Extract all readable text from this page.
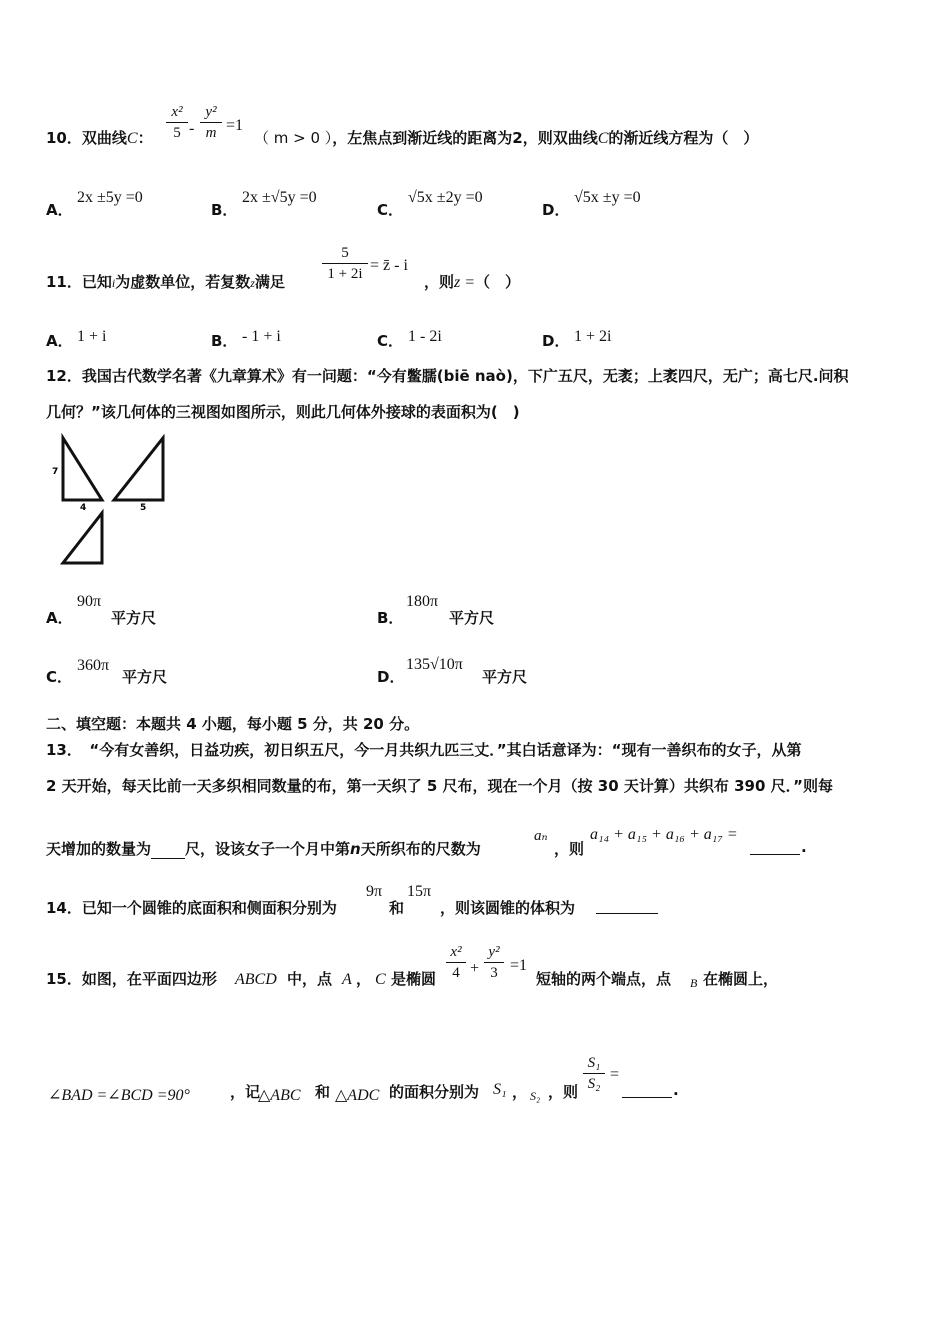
10．双曲线C：
x²
5 -
y²
m =1
（ m > 0 ），左焦点到渐近线的距离为2，则双曲线C的渐近线方程为（　）
A．
2x ±5y =0
B．
2x ±√5y =0
C．
√5x ±2y =0
D．
√5x ±y =0
11．已知i为虚数单位，若复数z满足
5
1 + 2i = z̄ - i
，则z =（　）
A． 1 + i	B． - 1 + i	C． 1 - 2i	D． 1 + 2i
12．我国古代数学名著《九章算术》有一问题：“今有鳖臑(biē naò)，下广五尺，无袤；上袤四尺，无广；高七尺.问积
几何？”该几何体的三视图如图所示，则此几何体外接球的表面积为(　)
7
4	5
A．
90π
平方尺	B．
180π
平方尺
C．
360π
平方尺	D．
135√10π
平方尺
二、填空题：本题共 4 小题，每小题 5 分，共 20 分。
13．　“今有女善织，日益功疾，初日织五尺，今一月共织九匹三丈．”其白话意译为：“现有一善织布的女子，从第
2 天开始，每天比前一天多织相同数量的布，第一天织了 5 尺布，现在一个月（按 30 天计算）共织布 390 尺．”则每
天增加的数量为 尺，设该女子一个月中第n天所织布的尺数为
aₙ
，则
a₁₄ + a₁₅ + a₁₆ + a₁₇ =
.
14．已知一个圆锥的底面积和侧面积分别为
9π
和
15π
，则该圆锥的体积为
15．如图，在平面四边形 ABCD 中，点 A ， C 是椭圆
x²
4 +
y²
3 =1
短轴的两个端点，点 B 在椭圆上，
∠BAD =∠BCD =90°	，记
△ABC 和 △ADC 的面积分别为 S₁ ， S₂ ，则
S₁
S₂
=
.
